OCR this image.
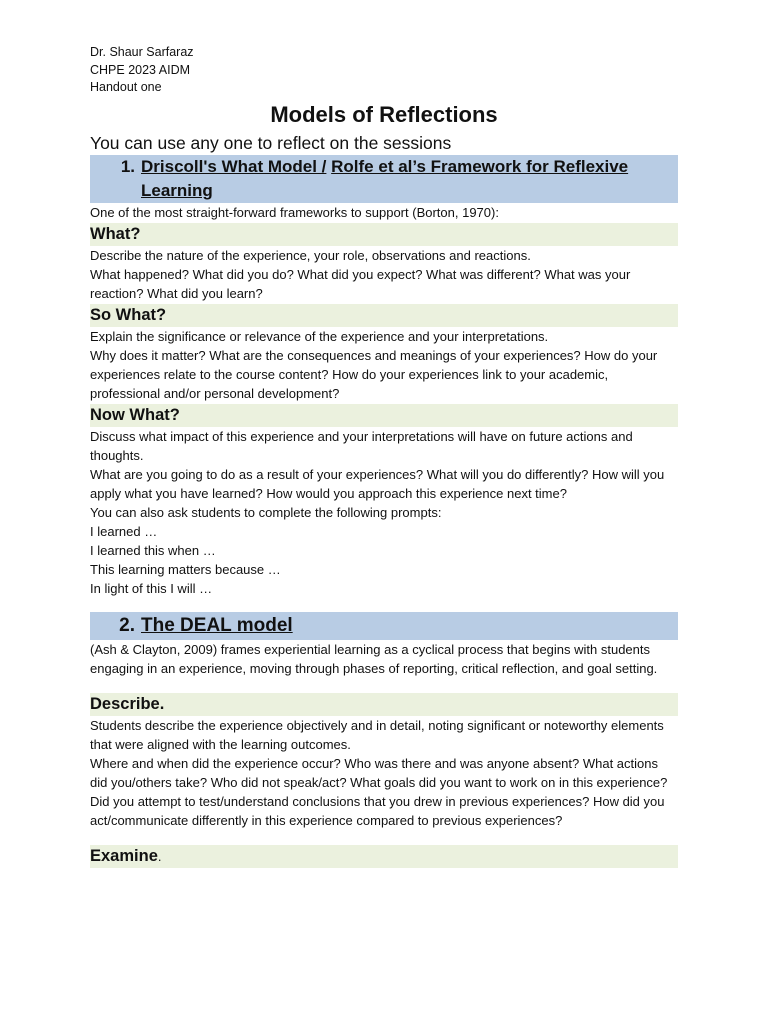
Dr. Shaur Sarfaraz
CHPE 2023 AIDM
Handout one
Models of Reflections
You can use any one to reflect on the sessions
1. Driscoll's What Model / Rolfe et al’s Framework for Reflexive Learning
One of the most straight-forward frameworks to support (Borton, 1970):
What?
Describe the nature of the experience, your role, observations and reactions.
What happened? What did you do? What did you expect? What was different? What was your reaction? What did you learn?
So What?
Explain the significance or relevance of the experience and your interpretations.
Why does it matter? What are the consequences and meanings of your experiences? How do your experiences relate to the course content? How do your experiences link to your academic, professional and/or personal development?
Now What?
Discuss what impact of this experience and your interpretations will have on future actions and thoughts.
What are you going to do as a result of your experiences? What will you do differently? How will you apply what you have learned? How would you approach this experience next time?
You can also ask students to complete the following prompts:
I learned …
I learned this when …
This learning matters because …
In light of this I will …
2. The DEAL model
(Ash & Clayton, 2009) frames experiential learning as a cyclical process that begins with students engaging in an experience, moving through phases of reporting, critical reflection, and goal setting.
Describe.
Students describe the experience objectively and in detail, noting significant or noteworthy elements that were aligned with the learning outcomes.
Where and when did the experience occur? Who was there and was anyone absent? What actions did you/others take? Who did not speak/act? What goals did you want to work on in this experience? Did you attempt to test/understand conclusions that you drew in previous experiences? How did you act/communicate differently in this experience compared to previous experiences?
Examine.
